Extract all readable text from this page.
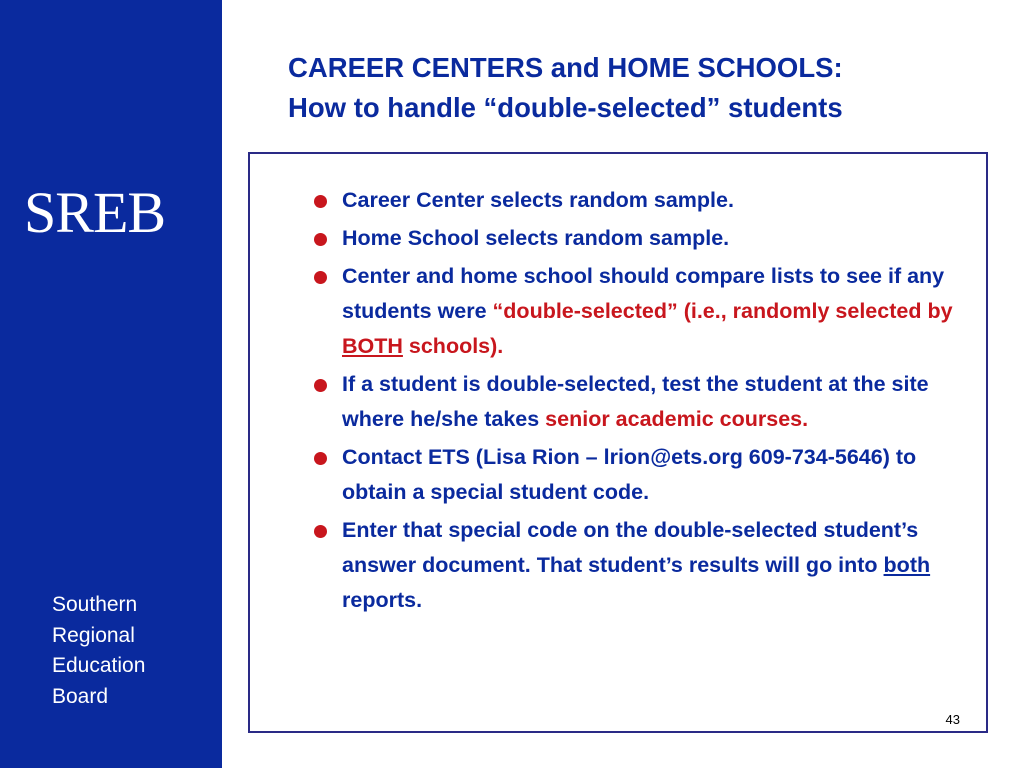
SREB
Southern
Regional
Education
Board
CAREER CENTERS and HOME SCHOOLS:
How to handle “double-selected” students
Career Center selects random sample.
Home School selects random sample.
Center and home school should compare lists to see if any students were “double-selected” (i.e., randomly selected by BOTH schools).
If a student is double-selected, test the student at the site where he/she takes senior academic courses.
Contact ETS (Lisa Rion – lrion@ets.org 609-734-5646) to obtain a special student code.
Enter that special code on the double-selected student’s answer document. That student’s results will go into both reports.
43
